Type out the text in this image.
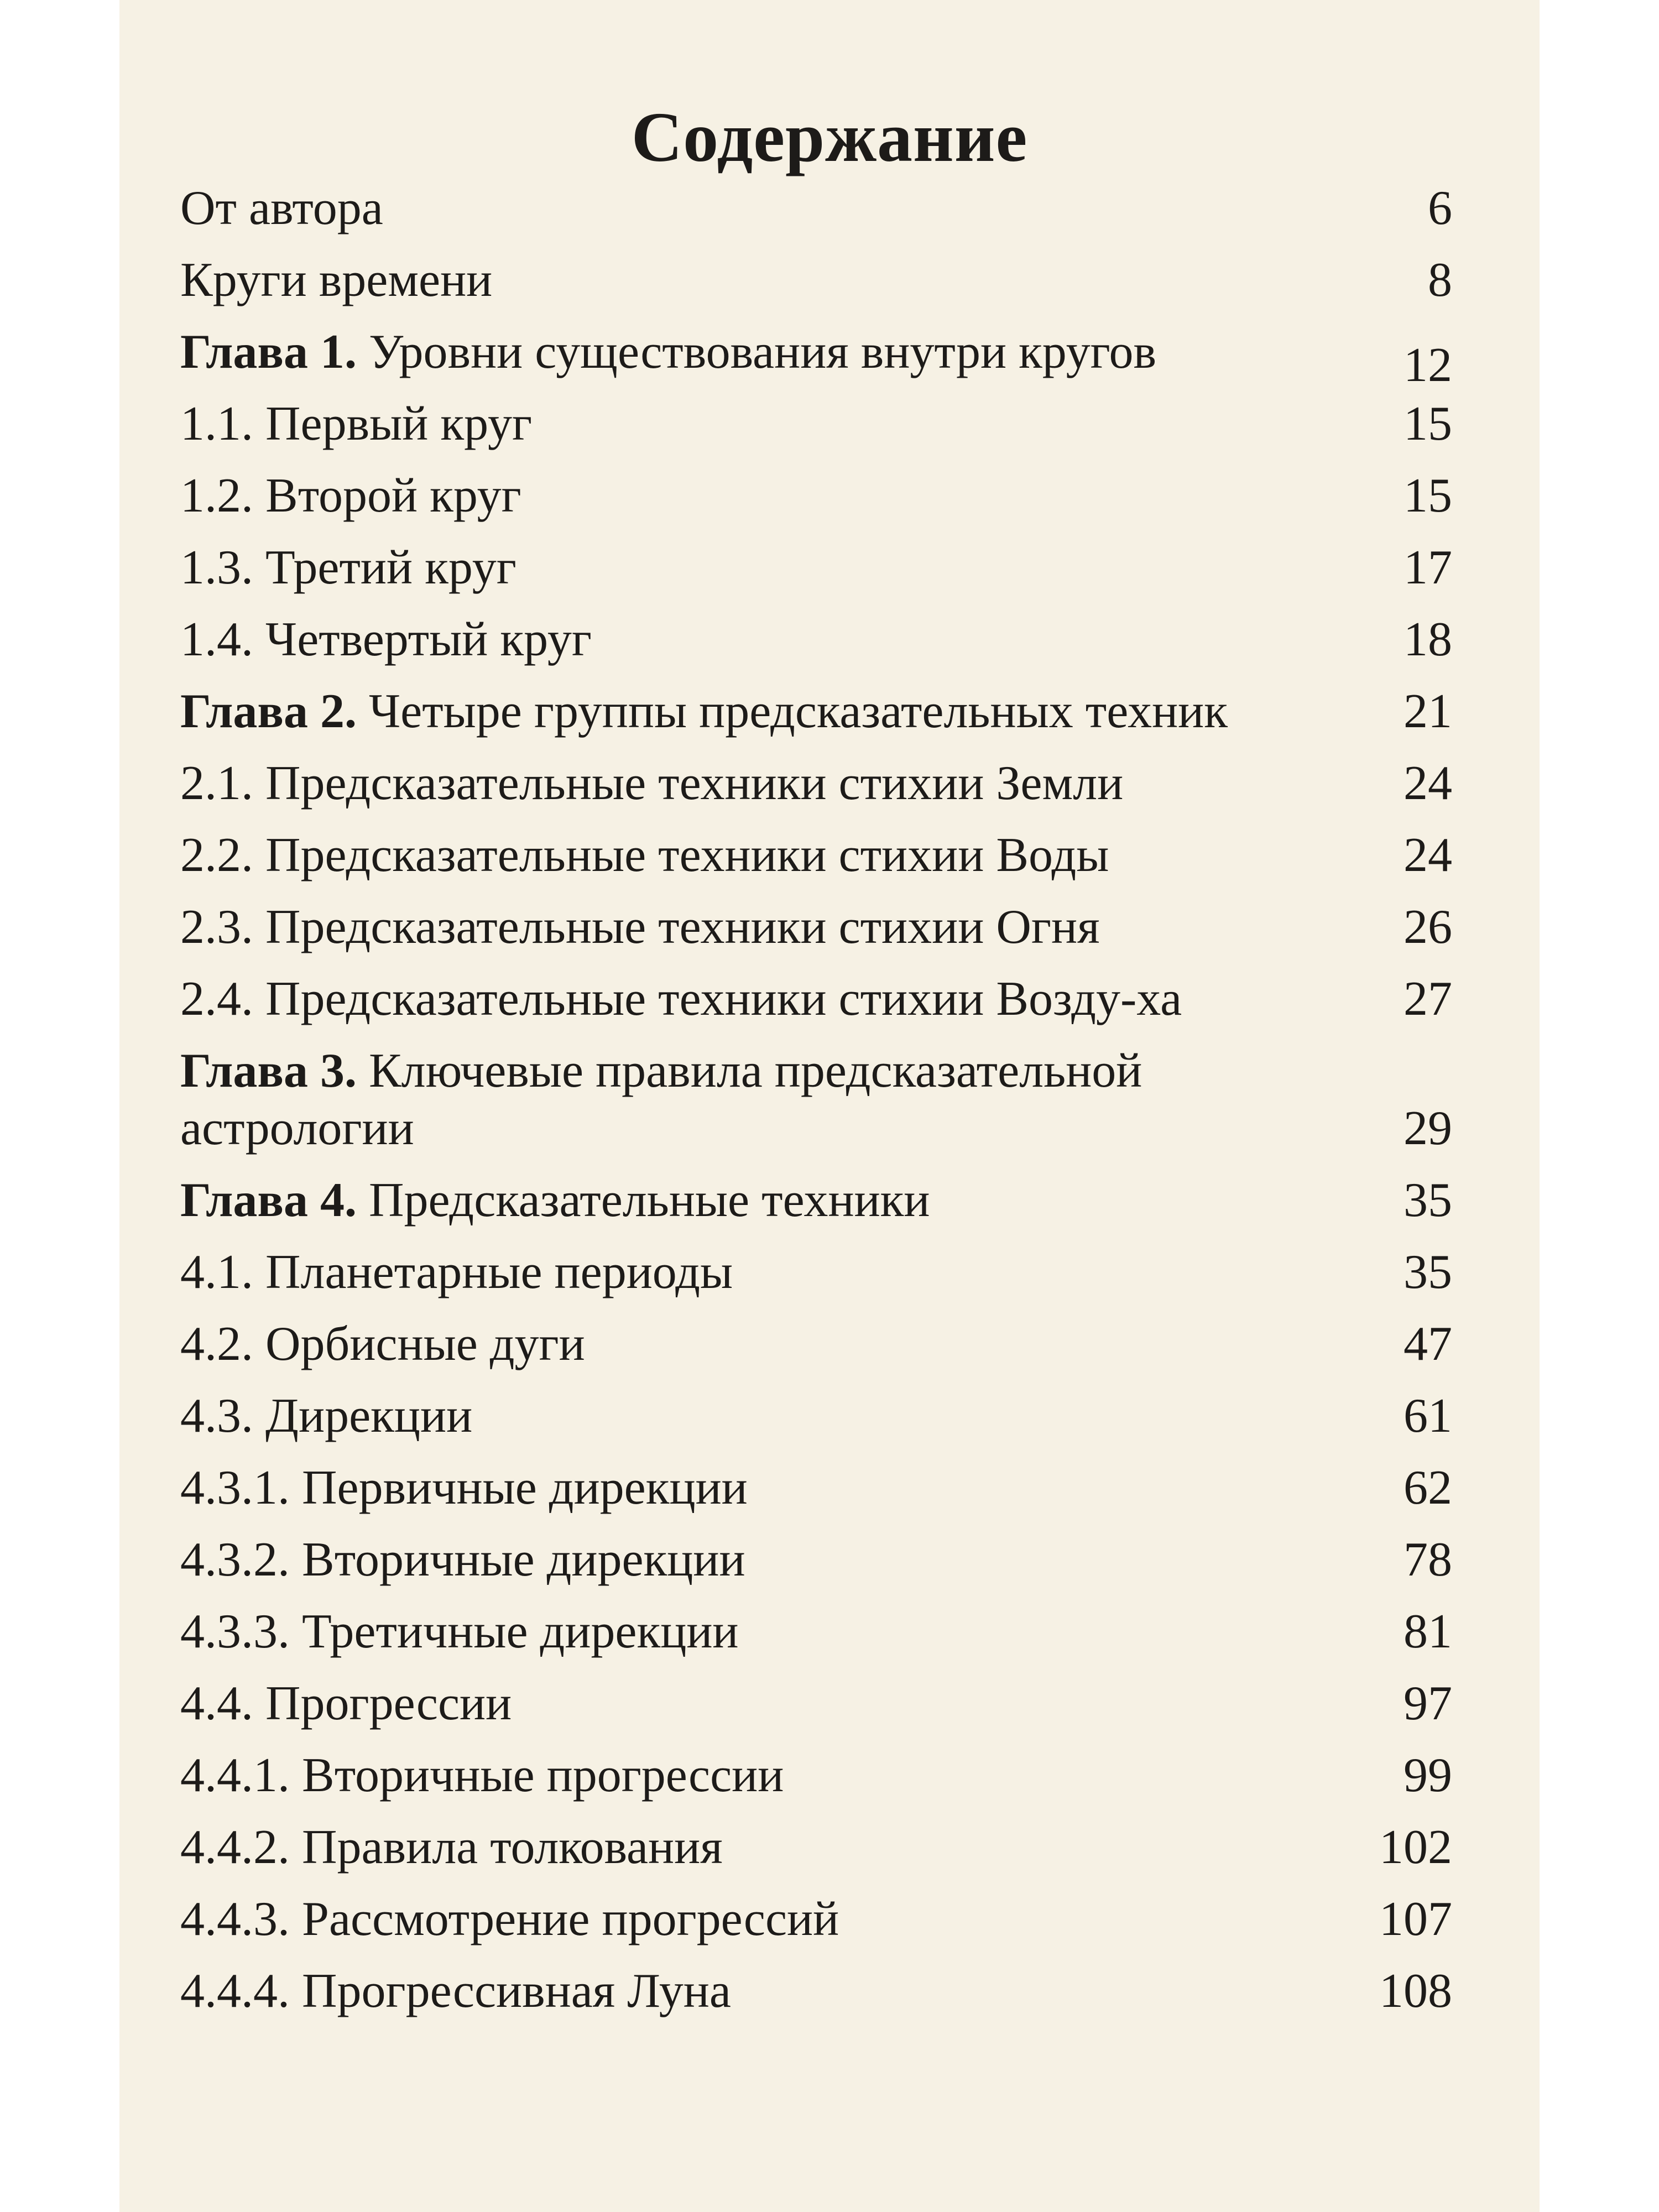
Содержание
От автора	6
Круги времени	8
Глава 1. Уровни существования внутри кругов	12
1.1. Первый круг	15
1.2. Второй круг	15
1.3. Третий круг	17
1.4. Четвертый круг	18
Глава 2. Четыре группы предсказательных техник	21
2.1. Предсказательные техники стихии Земли	24
2.2. Предсказательные техники стихии Воды	24
2.3. Предсказательные техники стихии Огня	26
2.4. Предсказательные техники стихии Возду-ха	27
Глава 3. Ключевые правила предсказательной астрологии	29
Глава 4. Предсказательные техники	35
4.1. Планетарные периоды	35
4.2. Орбисные дуги	47
4.3. Дирекции	61
4.3.1. Первичные дирекции	62
4.3.2. Вторичные дирекции	78
4.3.3. Третичные дирекции	81
4.4. Прогрессии	97
4.4.1. Вторичные прогрессии	99
4.4.2. Правила толкования	102
4.4.3. Рассмотрение прогрессий	107
4.4.4. Прогрессивная Луна	108
